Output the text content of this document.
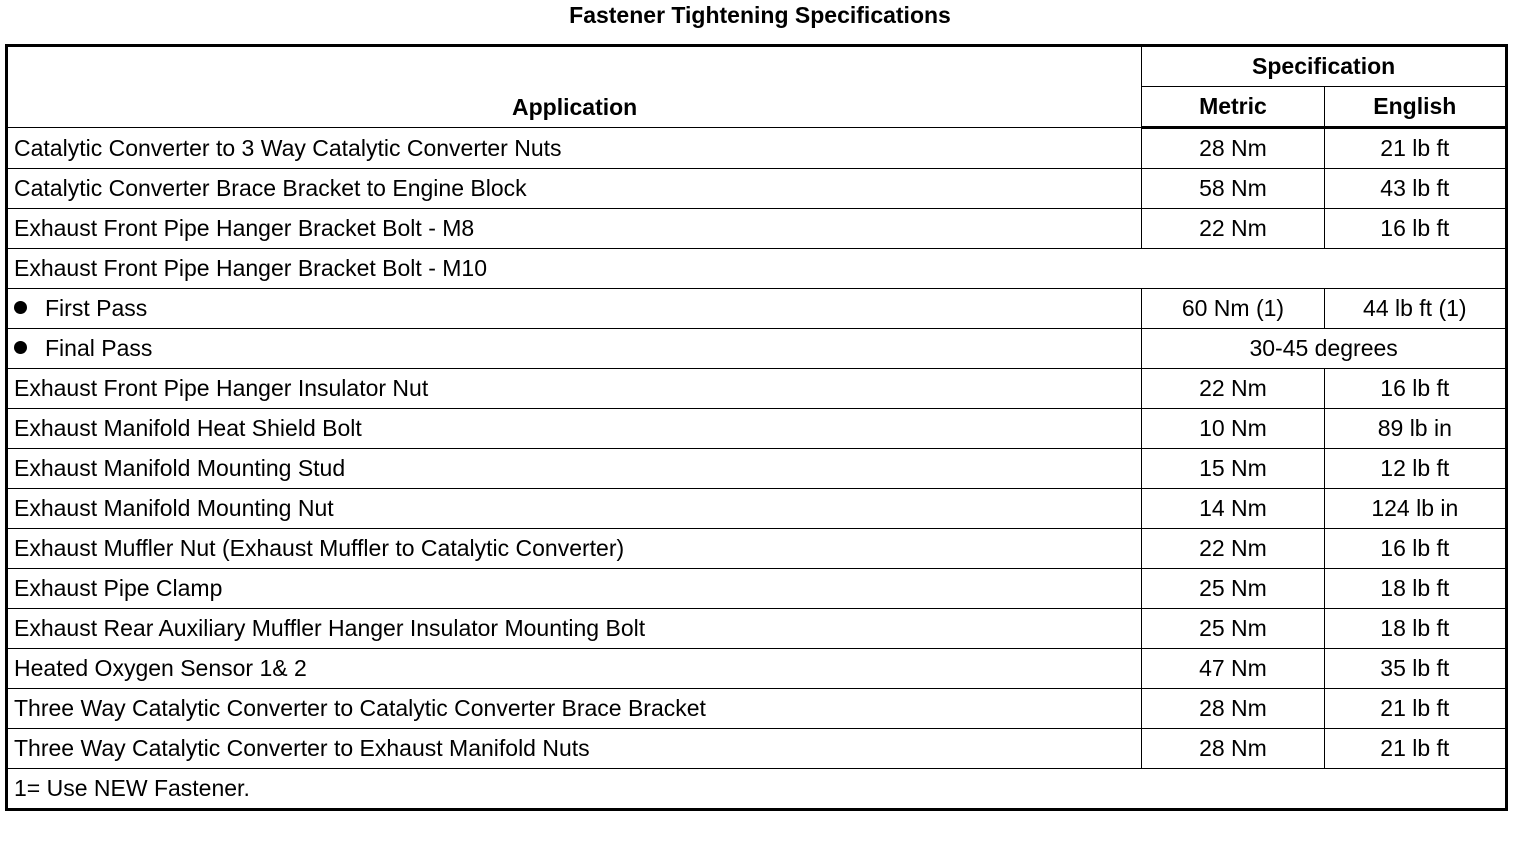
Fastener Tightening Specifications
Application	Specification	
	Metric	English
Catalytic Converter to 3 Way Catalytic Converter Nuts	28 Nm	21 lb ft
Catalytic Converter Brace Bracket to Engine Block	58 Nm	43 lb ft
Exhaust Front Pipe Hanger Bracket Bolt - M8	22 Nm	16 lb ft
Exhaust Front Pipe Hanger Bracket Bolt - M10		
First Pass	60 Nm (1)	44 lb ft (1)
Final Pass	30-45 degrees	
Exhaust Front Pipe Hanger Insulator Nut	22 Nm	16 lb ft
Exhaust Manifold Heat Shield Bolt	10 Nm	89 lb in
Exhaust Manifold Mounting Stud	15 Nm	12 lb ft
Exhaust Manifold Mounting Nut	14 Nm	124 lb in
Exhaust Muffler Nut (Exhaust Muffler to Catalytic Converter)	22 Nm	16 lb ft
Exhaust Pipe Clamp	25 Nm	18 lb ft
Exhaust Rear Auxiliary Muffler Hanger Insulator Mounting Bolt	25 Nm	18 lb ft
Heated Oxygen Sensor 1& 2	47 Nm	35 lb ft
Three Way Catalytic Converter to Catalytic Converter Brace Bracket	28 Nm	21 lb ft
Three Way Catalytic Converter to Exhaust Manifold Nuts	28 Nm	21 lb ft
1= Use NEW Fastener.		
